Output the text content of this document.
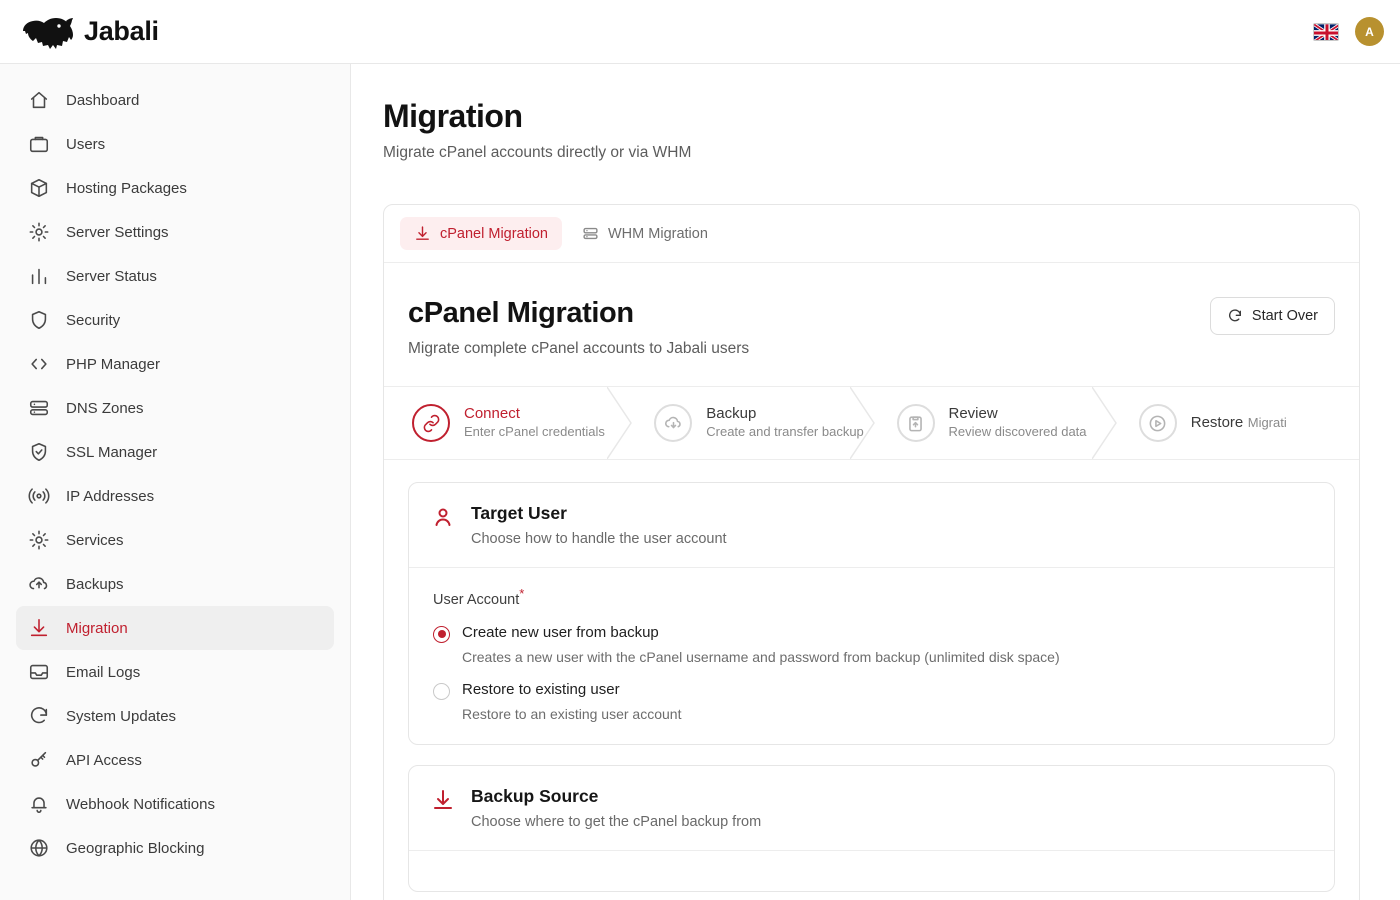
Jabali	A
Dashboard
Users
Hosting Packages
Server Settings
Server Status
Security
PHP Manager
DNS Zones
SSL Manager
IP Addresses
Services
Backups
Migration
Email Logs
System Updates
API Access
Webhook Notifications
Geographic Blocking
Migration
Migrate cPanel accounts directly or via WHM
cPanel Migration	WHM Migration
cPanel Migration
Migrate complete cPanel accounts to Jabali users
Start Over
Connect Enter cPanel credentials
Backup Create and transfer backup
Review Review discovered data
Restore Migrati
Target User
Choose how to handle the user account
User Account*
Create new user from backup
Creates a new user with the cPanel username and password from backup (unlimited disk space)
Restore to existing user
Restore to an existing user account
Backup Source
Choose where to get the cPanel backup from
